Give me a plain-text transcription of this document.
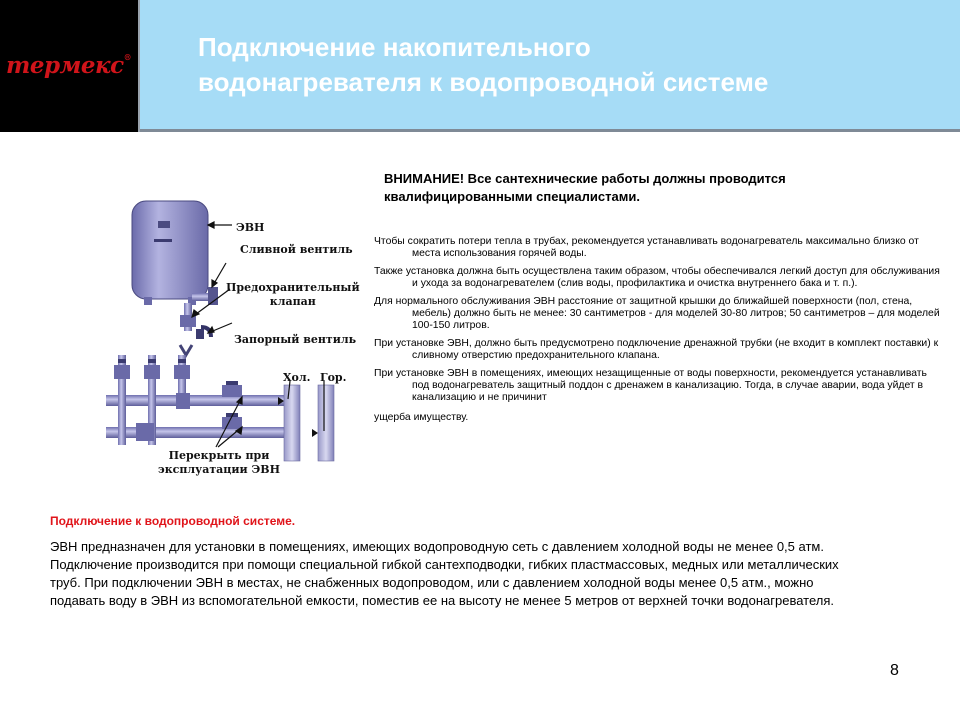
термекс®	Подключение накопительного
водонагревателя к водопроводной системе
ЭВН
Сливной вентиль
Предохранительный
клапан
Запорный вентиль
Хол. Гор.
Перекрыть при
эксплуатации ЭВН
ВНИМАНИЕ! Все сантехнические работы должны проводится квалифицированными специалистами.

Чтобы сократить потери тепла в трубах, рекомендуется устанавливать водонагреватель максимально близко от места использования горячей воды.

Также установка должна быть осуществлена таким образом, чтобы обеспечивался легкий доступ для обслуживания и ухода за водонагревателем (слив воды, профилактика и очистка внутреннего бака и т. п.).

Для нормального обслуживания ЭВН расстояние от защитной крышки до ближайшей поверхности (пол, стена, мебель) должно быть не менее: 30 сантиметров - для моделей 30-80 литров; 50 сантиметров – для моделей 100-150 литров.

При установке ЭВН, должно быть предусмотрено подключение дренажной трубки (не входит в комплект поставки) к сливному отверстию предохранительного клапана.

При установке ЭВН в помещениях, имеющих незащищенные от воды поверхности, рекомендуется устанавливать под водонагреватель защитный поддон с дренажем в канализацию. Тогда, в случае аварии, вода уйдет в канализацию и не причинит

ущерба имуществу.

Подключение к водопроводной системе.
ЭВН предназначен для установки в помещениях, имеющих водопроводную сеть с давлением холодной воды не менее 0,5 атм. Подключение производится при помощи специальной гибкой сантехподводки, гибких пластмассовых, медных или металлических труб. При подключении ЭВН в местах, не снабженных водопроводом, или с давлением холодной воды менее 0,5 атм., можно подавать воду в ЭВН из вспомогательной емкости, поместив ее на высоту не менее 5 метров от верхней точки водонагревателя.
8
